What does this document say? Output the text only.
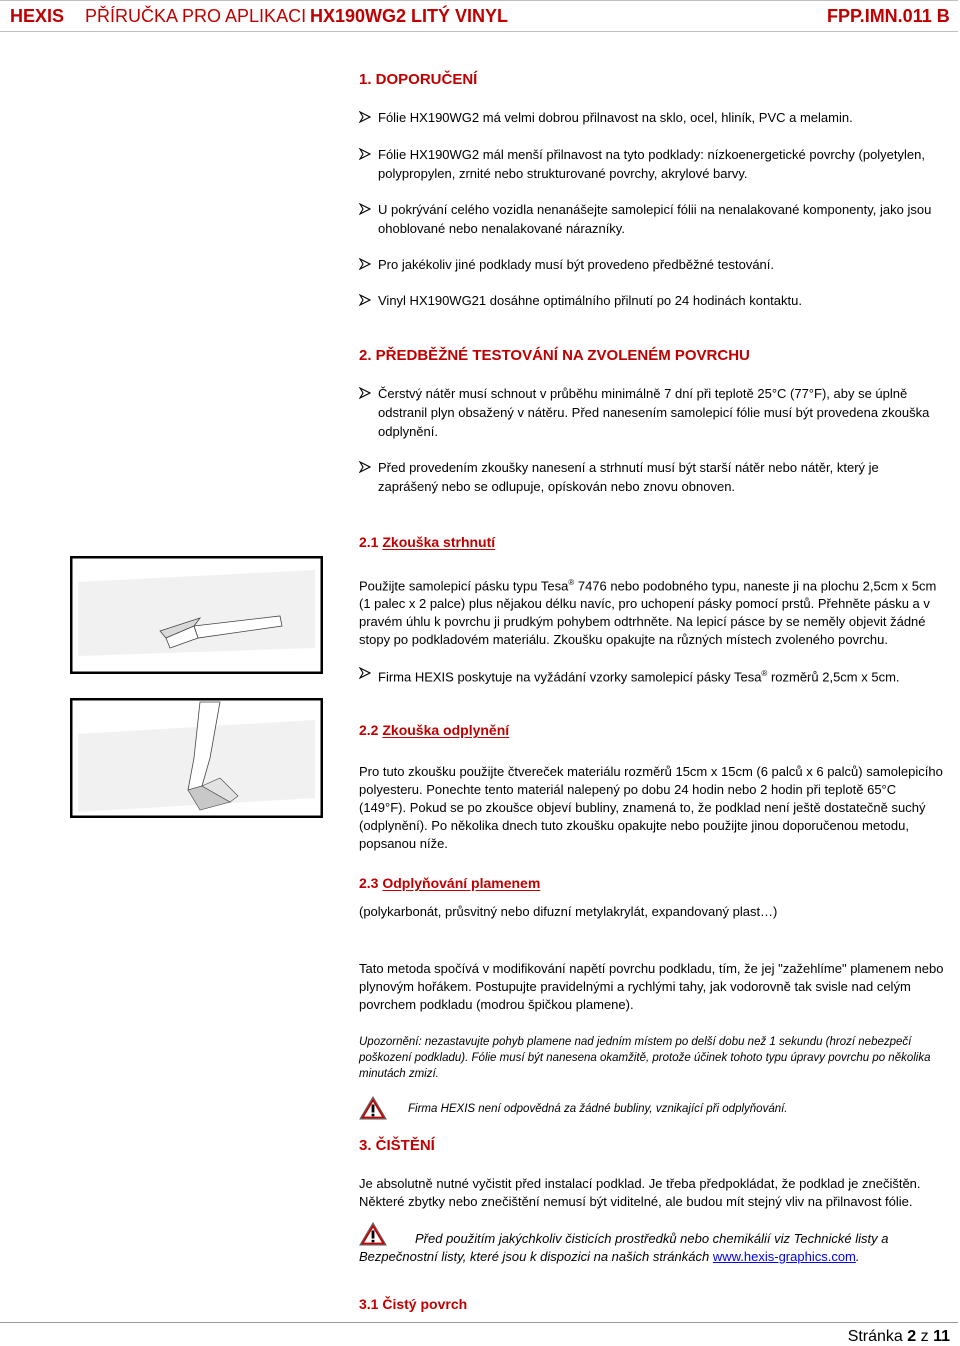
HEXIS PŘÍRUČKA PRO APLIKACI HX190WG2 LITÝ VINYL	FPP.IMN.011 B
1. DOPORUČENÍ
Fólie HX190WG2 má velmi dobrou přilnavost na sklo, ocel, hliník, PVC a melamin.
Fólie HX190WG2 mál menší přilnavost na tyto podklady: nízkoenergetické povrchy (polyetylen, polypropylen, zrnité nebo strukturované povrchy, akrylové barvy.
U pokrývání celého vozidla nenanášejte samolepicí fólii na nenalakované komponenty, jako jsou ohoblované nebo nenalakované nárazníky.
Pro jakékoliv jiné podklady musí být provedeno předběžné testování.
Vinyl HX190WG21 dosáhne optimálního přilnutí po 24 hodinách kontaktu.
2. PŘEDBĚŽNÉ TESTOVÁNÍ NA ZVOLENÉM POVRCHU
Čerstvý nátěr musí schnout v průběhu minimálně 7 dní při teplotě 25°C (77°F), aby se úplně odstranil plyn obsažený v nátěru. Před nanesením samolepicí fólie musí být provedena zkouška odplynění.
Před provedením zkoušky nanesení a strhnutí musí být starší nátěr nebo nátěr, který je zaprášený nebo se odlupuje, opískován nebo znovu obnoven.
2.1 Zkouška strhnutí

Použijte samolepicí pásku typu Tesa® 7476 nebo podobného typu, naneste ji na plochu 2,5cm x 5cm (1 palec x 2 palce) plus nějakou délku navíc, pro uchopení pásky pomocí prstů. Přehněte pásku a v pravém úhlu k povrchu ji prudkým pohybem odtrhněte. Na lepicí pásce by se neměly objevit žádné stopy po podkladovém materiálu. Zkoušku opakujte na různých místech zvoleného povrchu.

Firma HEXIS poskytuje na vyžádání vzorky samolepicí pásky Tesa® rozměrů 2,5cm x 5cm.
2.2 Zkouška odplynění

Pro tuto zkoušku použijte čtvereček materiálu rozměrů 15cm x 15cm (6 palců x 6 palců) samolepicího polyesteru. Ponechte tento materiál nalepený po dobu 24 hodin nebo 2 hodin při teplotě 65°C (149°F). Pokud se po zkoušce objeví bubliny, znamená to, že podklad není ještě dostatečně suchý (odplynění). Po několika dnech tuto zkoušku opakujte nebo použijte jinou doporučenou metodu, popsanou níže.

2.3 Odplyňování plamenem

(polykarbonát, průsvitný nebo difuzní metylakrylát, expandovaný plast…)

Tato metoda spočívá v modifikování napětí povrchu podkladu, tím, že jej "zažehlíme" plamenem nebo plynovým hořákem. Postupujte pravidelnými a rychlými tahy, jak vodorovně tak svisle nad celým povrchem podkladu (modrou špičkou plamene).

Upozornění: nezastavujte pohyb plamene nad jedním místem po delší dobu než 1 sekundu (hrozí nebezpečí poškození podkladu). Fólie musí být nanesena okamžitě, protože účinek tohoto typu úpravy povrchu po několika minutách zmizí.

Firma HEXIS není odpovědná za žádné bubliny, vznikající při odplyňování.

3. ČIŠTĚNÍ

Je absolutně nutné vyčistit před instalací podklad. Je třeba předpokládat, že podklad je znečištěn. Některé zbytky nebo znečištění nemusí být viditelné, ale budou mít stejný vliv na přilnavost fólie.

Před použitím jakýchkoliv čisticích prostředků nebo chemikálií viz Technické listy a Bezpečnostní listy, které jsou k dispozici na našich stránkách www.hexis-graphics.com.

3.1 Čistý povrch
Stránka 2 z 11
